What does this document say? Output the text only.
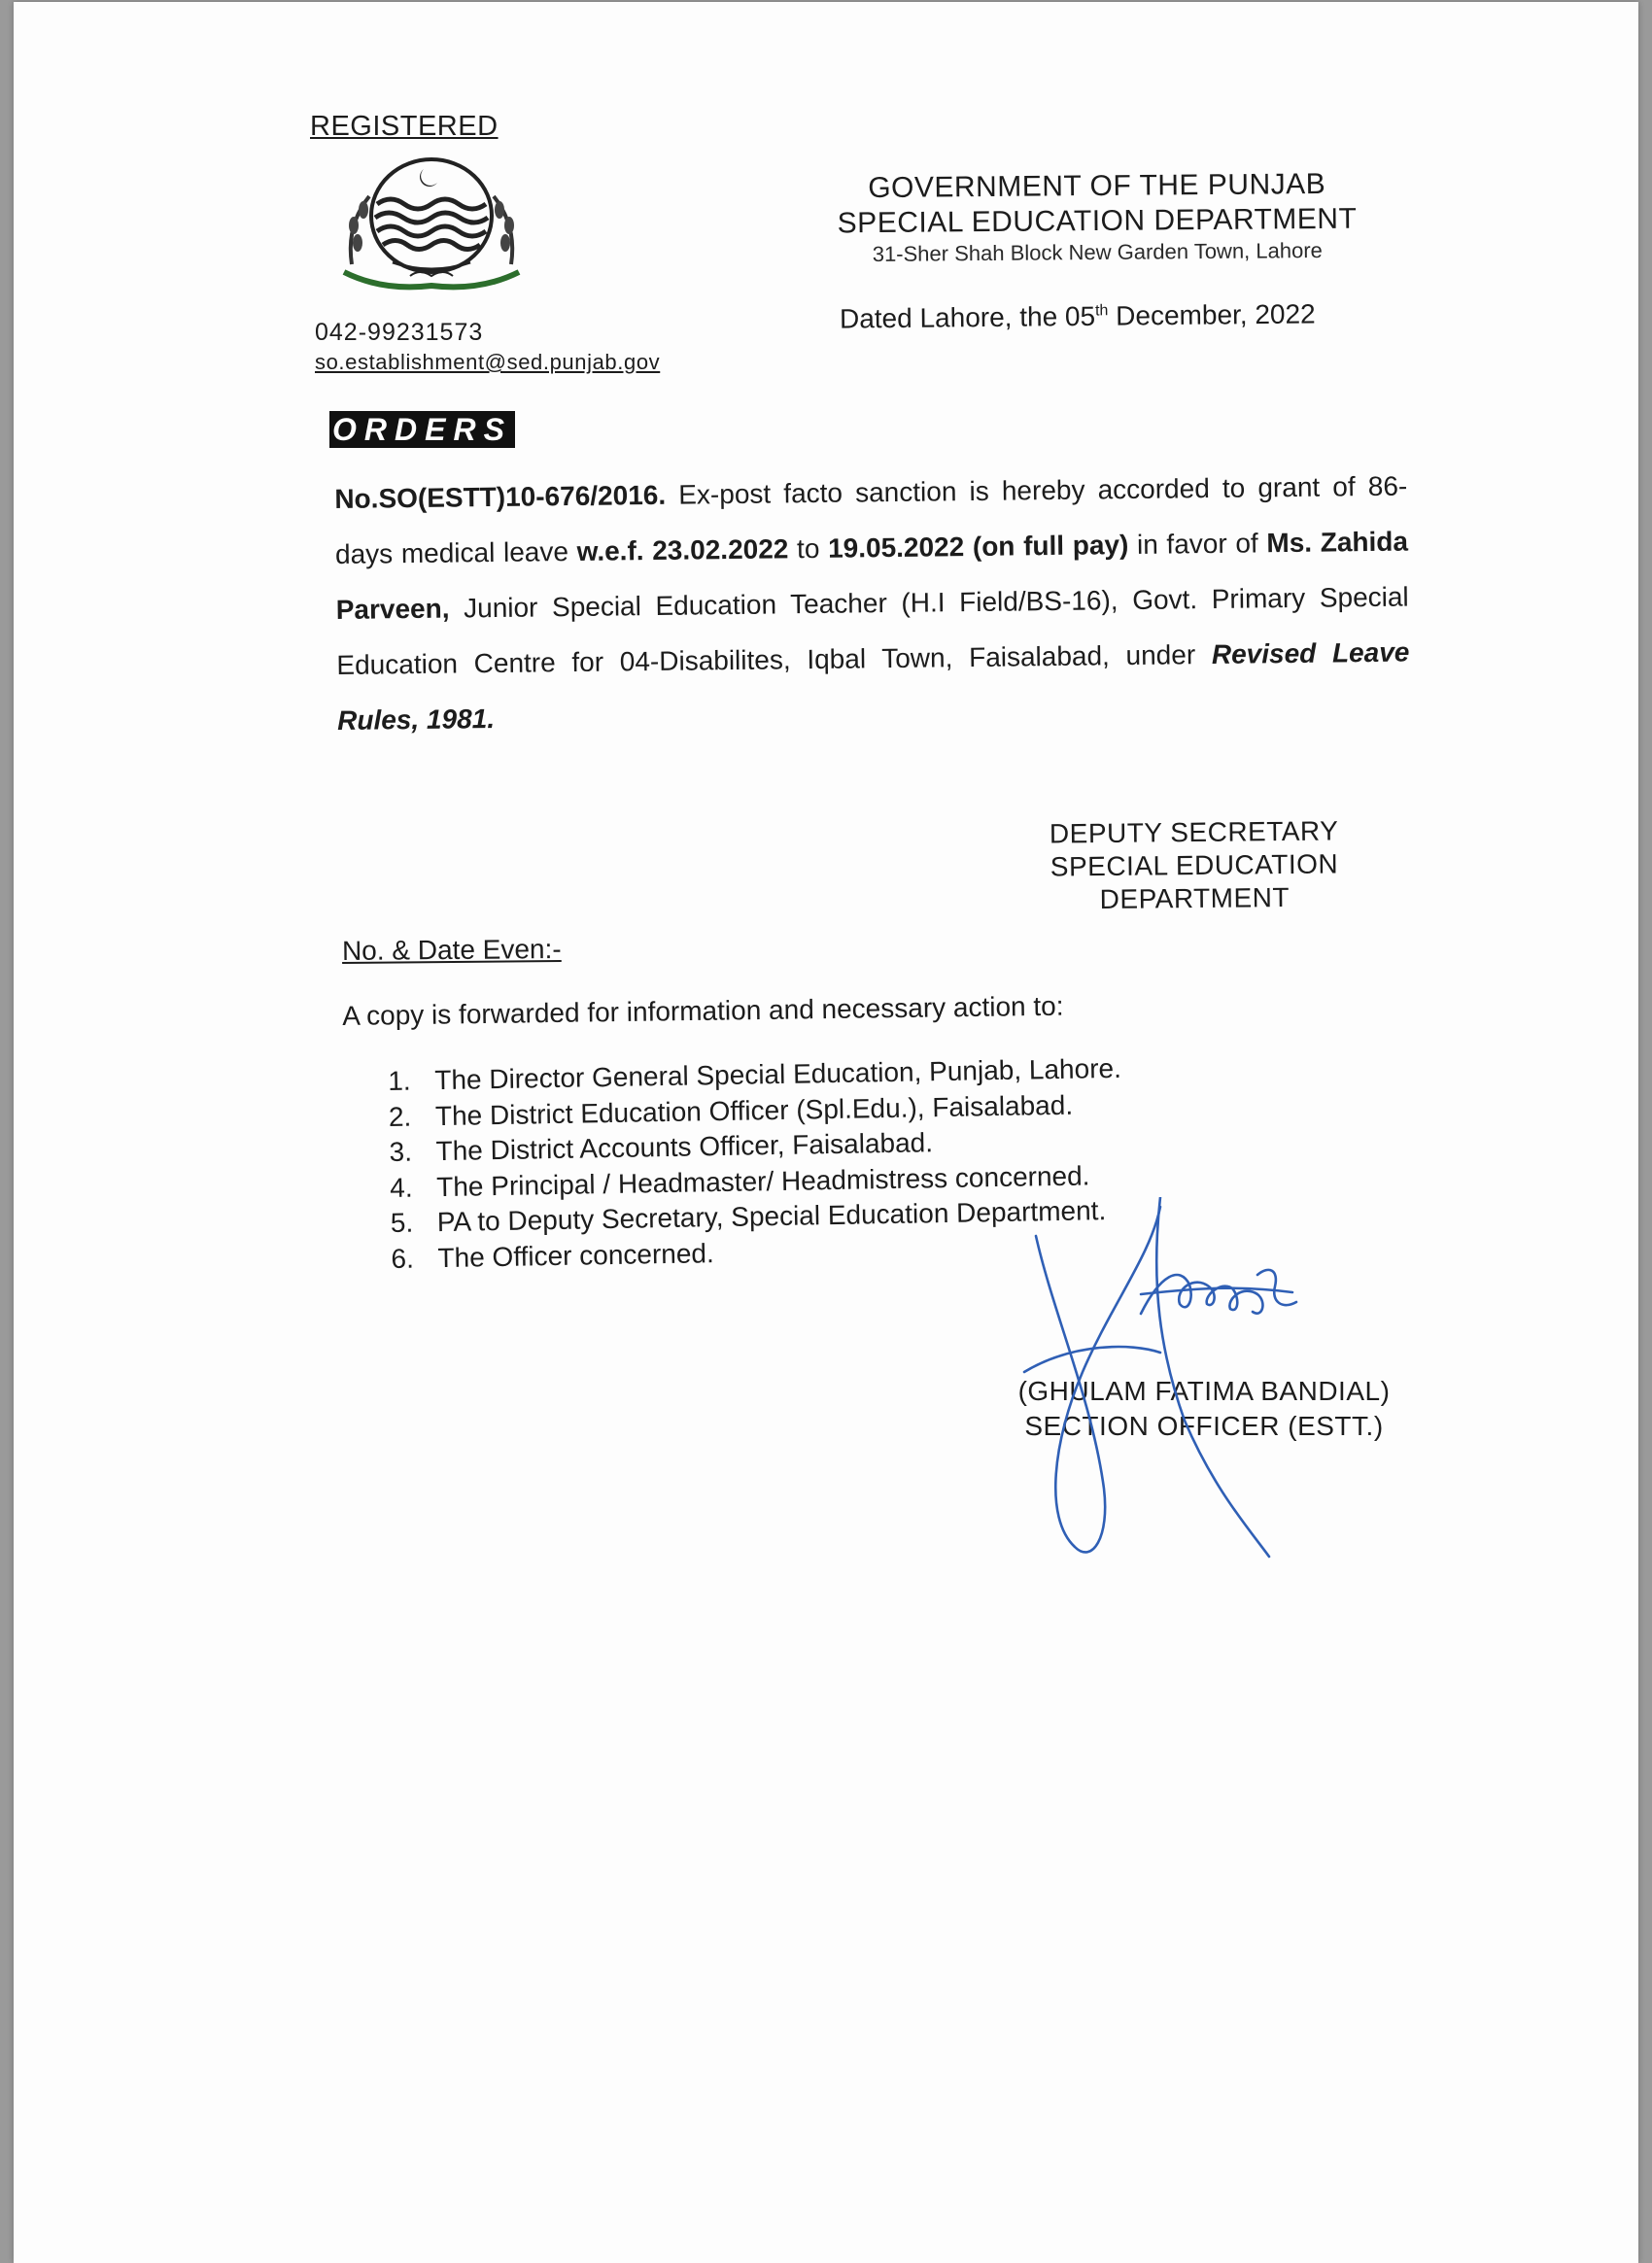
REGISTERED
042-99231573
so.establishment@sed.punjab.gov
GOVERNMENT OF THE PUNJAB
SPECIAL EDUCATION DEPARTMENT
31-Sher Shah Block New Garden Town, Lahore
Dated Lahore, the 05th December, 2022
ORDERS
No.SO(ESTT)10-676/2016. Ex-post facto sanction is hereby accorded to grant of 86-days medical leave w.e.f. 23.02.2022 to 19.05.2022 (on full pay) in favor of Ms. Zahida Parveen, Junior Special Education Teacher (H.I Field/BS-16), Govt. Primary Special Education Centre for 04-Disabilites, Iqbal Town, Faisalabad, under Revised Leave Rules, 1981.
DEPUTY SECRETARY
SPECIAL EDUCATION
DEPARTMENT
No. & Date Even:-
A copy is forwarded for information and necessary action to:
1. The Director General Special Education, Punjab, Lahore.
2. The District Education Officer (Spl.Edu.), Faisalabad.
3. The District Accounts Officer, Faisalabad.
4. The Principal / Headmaster/ Headmistress concerned.
5. PA to Deputy Secretary, Special Education Department.
6. The Officer concerned.
(GHULAM FATIMA BANDIAL)
SECTION OFFICER (ESTT.)
